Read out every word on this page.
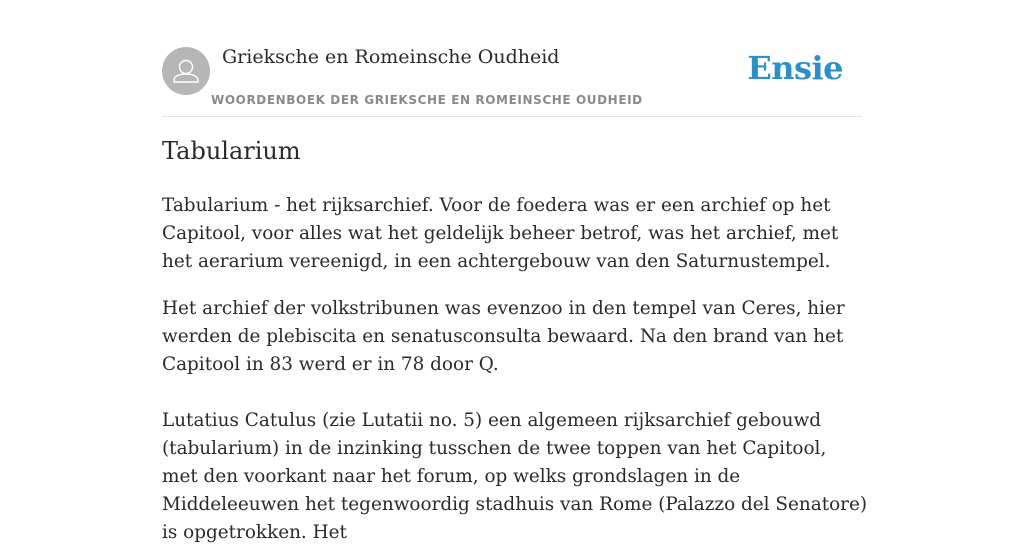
Grieksche en Romeinsche Oudheid
WOORDENBOEK DER GRIEKSCHE EN ROMEINSCHE OUDHEID
Ensie
Tabularium

Tabularium - het rijksarchief. Voor de foedera was er een archief op het Capitool, voor alles wat het geldelijk beheer betrof, was het archief, met het aerarium vereenigd, in een achtergebouw van den Saturnustempel.

Het archief der volkstribunen was evenzoo in den tempel van Ceres, hier werden de plebiscita en senatusconsulta bewaard. Na den brand van het Capitool in 83 werd er in 78 door Q.

Lutatius Catulus (zie Lutatii no. 5) een algemeen rijksarchief gebouwd (tabularium) in de inzinking tusschen de twee toppen van het Capitool, met den voorkant naar het forum, op welks grondslagen in de Middeleeuwen het tegenwoordig stadhuis van Rome (Palazzo del Senatore) is opgetrokken. Het
